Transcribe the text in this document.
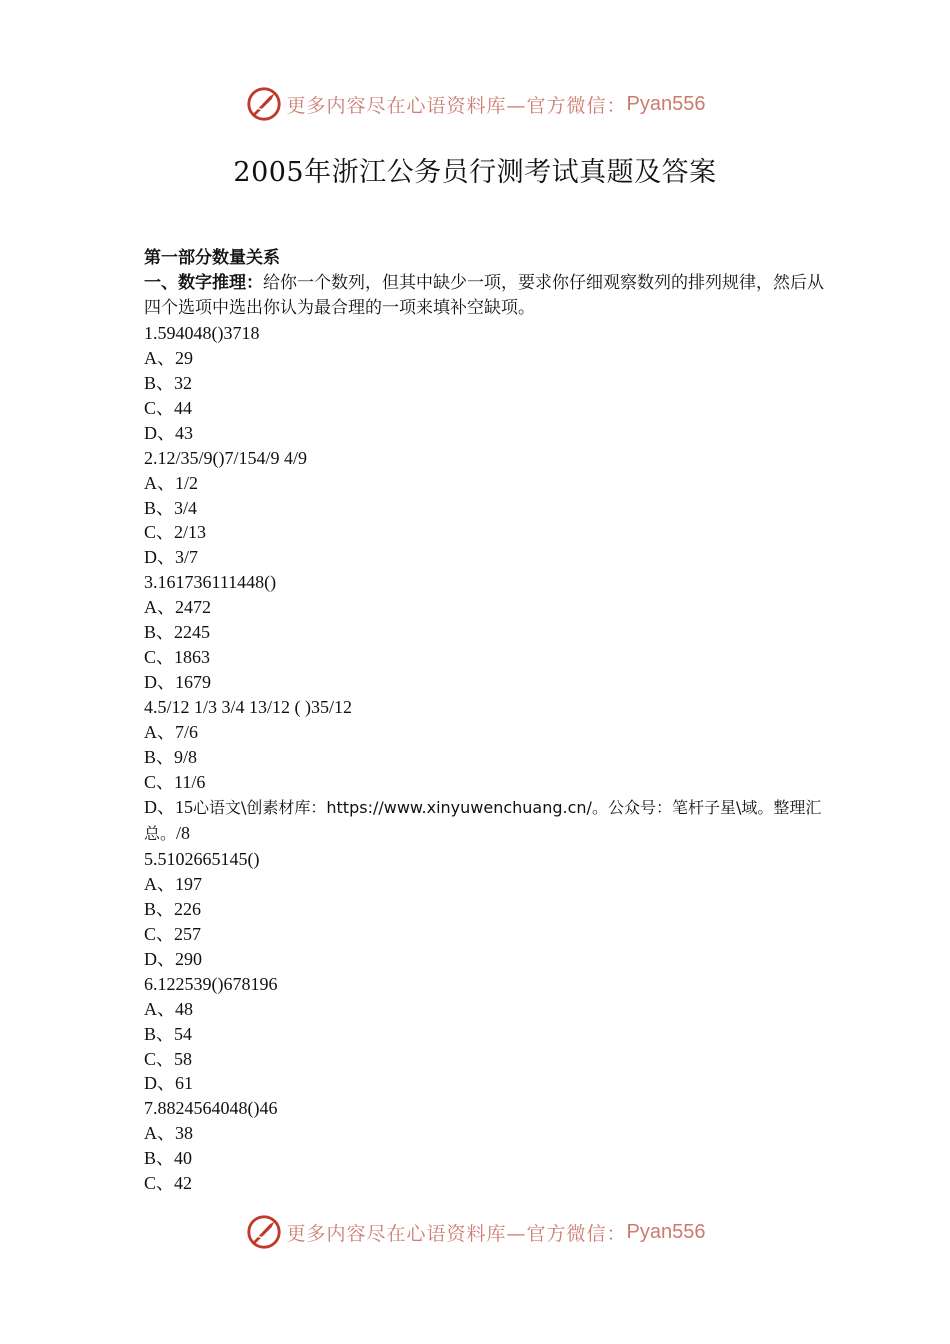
更多内容尽在心语资料库—官方微信： Pyan556
2005年浙江公务员行测考试真题及答案
第一部分数量关系
一、数字推理：给你一个数列，但其中缺少一项，要求你仔细观察数列的排列规律，然后从四个选项中选出你认为最合理的一项来填补空缺项。
1.594048()3718
A、29
B、32
C、44
D、43
2.12/35/9()7/154/9 4/9
A、1/2
B、3/4
C、2/13
D、3/7
3.161736111448()
A、2472
B、2245
C、1863
D、1679
4.5/12 1/3 3/4 13/12 ( )35/12
A、7/6
B、9/8
C、11/6
D、15心语文\创素材库：https://www.xinyuwenchuang.cn/。公众号：笔杆子星\域。整理汇总。/8
5.5102665145()
A、197
B、226
C、257
D、290
6.122539()678196
A、48
B、54
C、58
D、61
7.8824564048()46
A、38
B、40
C、42
更多内容尽在心语资料库—官方微信： Pyan556
